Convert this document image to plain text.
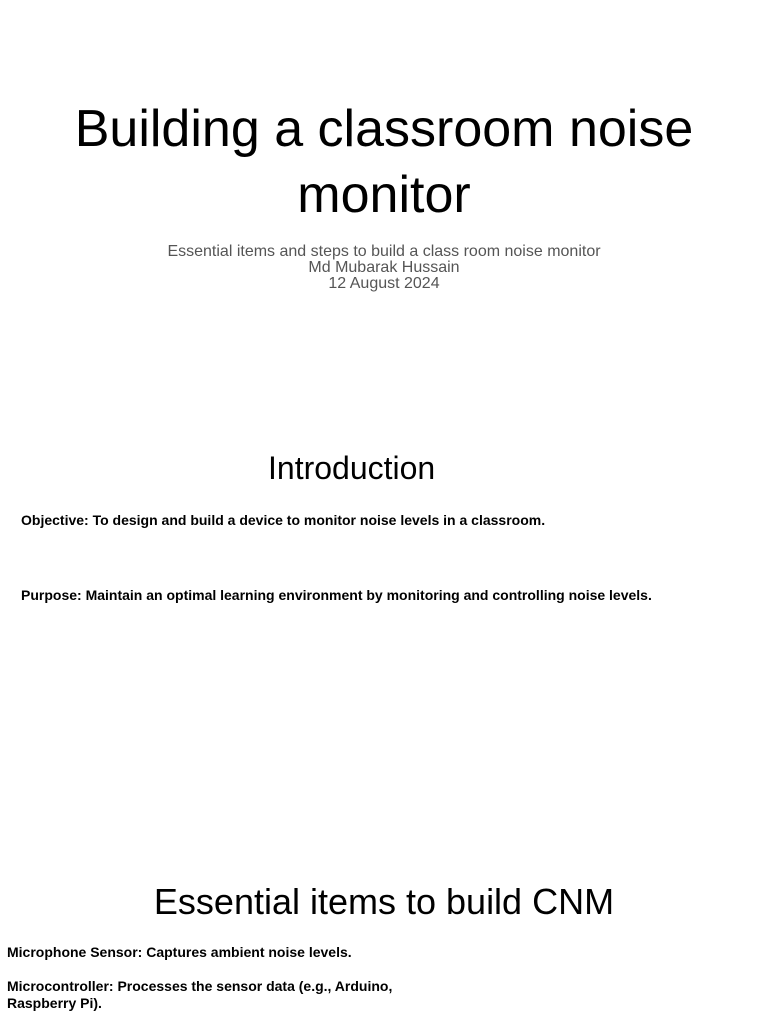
Building a classroom noise monitor
Essential items and steps to build a class room noise monitor
Md Mubarak Hussain
12 August 2024
Introduction

Objective: To design and build a device to monitor noise levels in a classroom.

Purpose: Maintain an optimal learning environment by monitoring and controlling noise levels.

Essential items to build CNM

Microphone Sensor: Captures ambient noise levels.

Microcontroller: Processes the sensor data (e.g., Arduino, Raspberry Pi).
